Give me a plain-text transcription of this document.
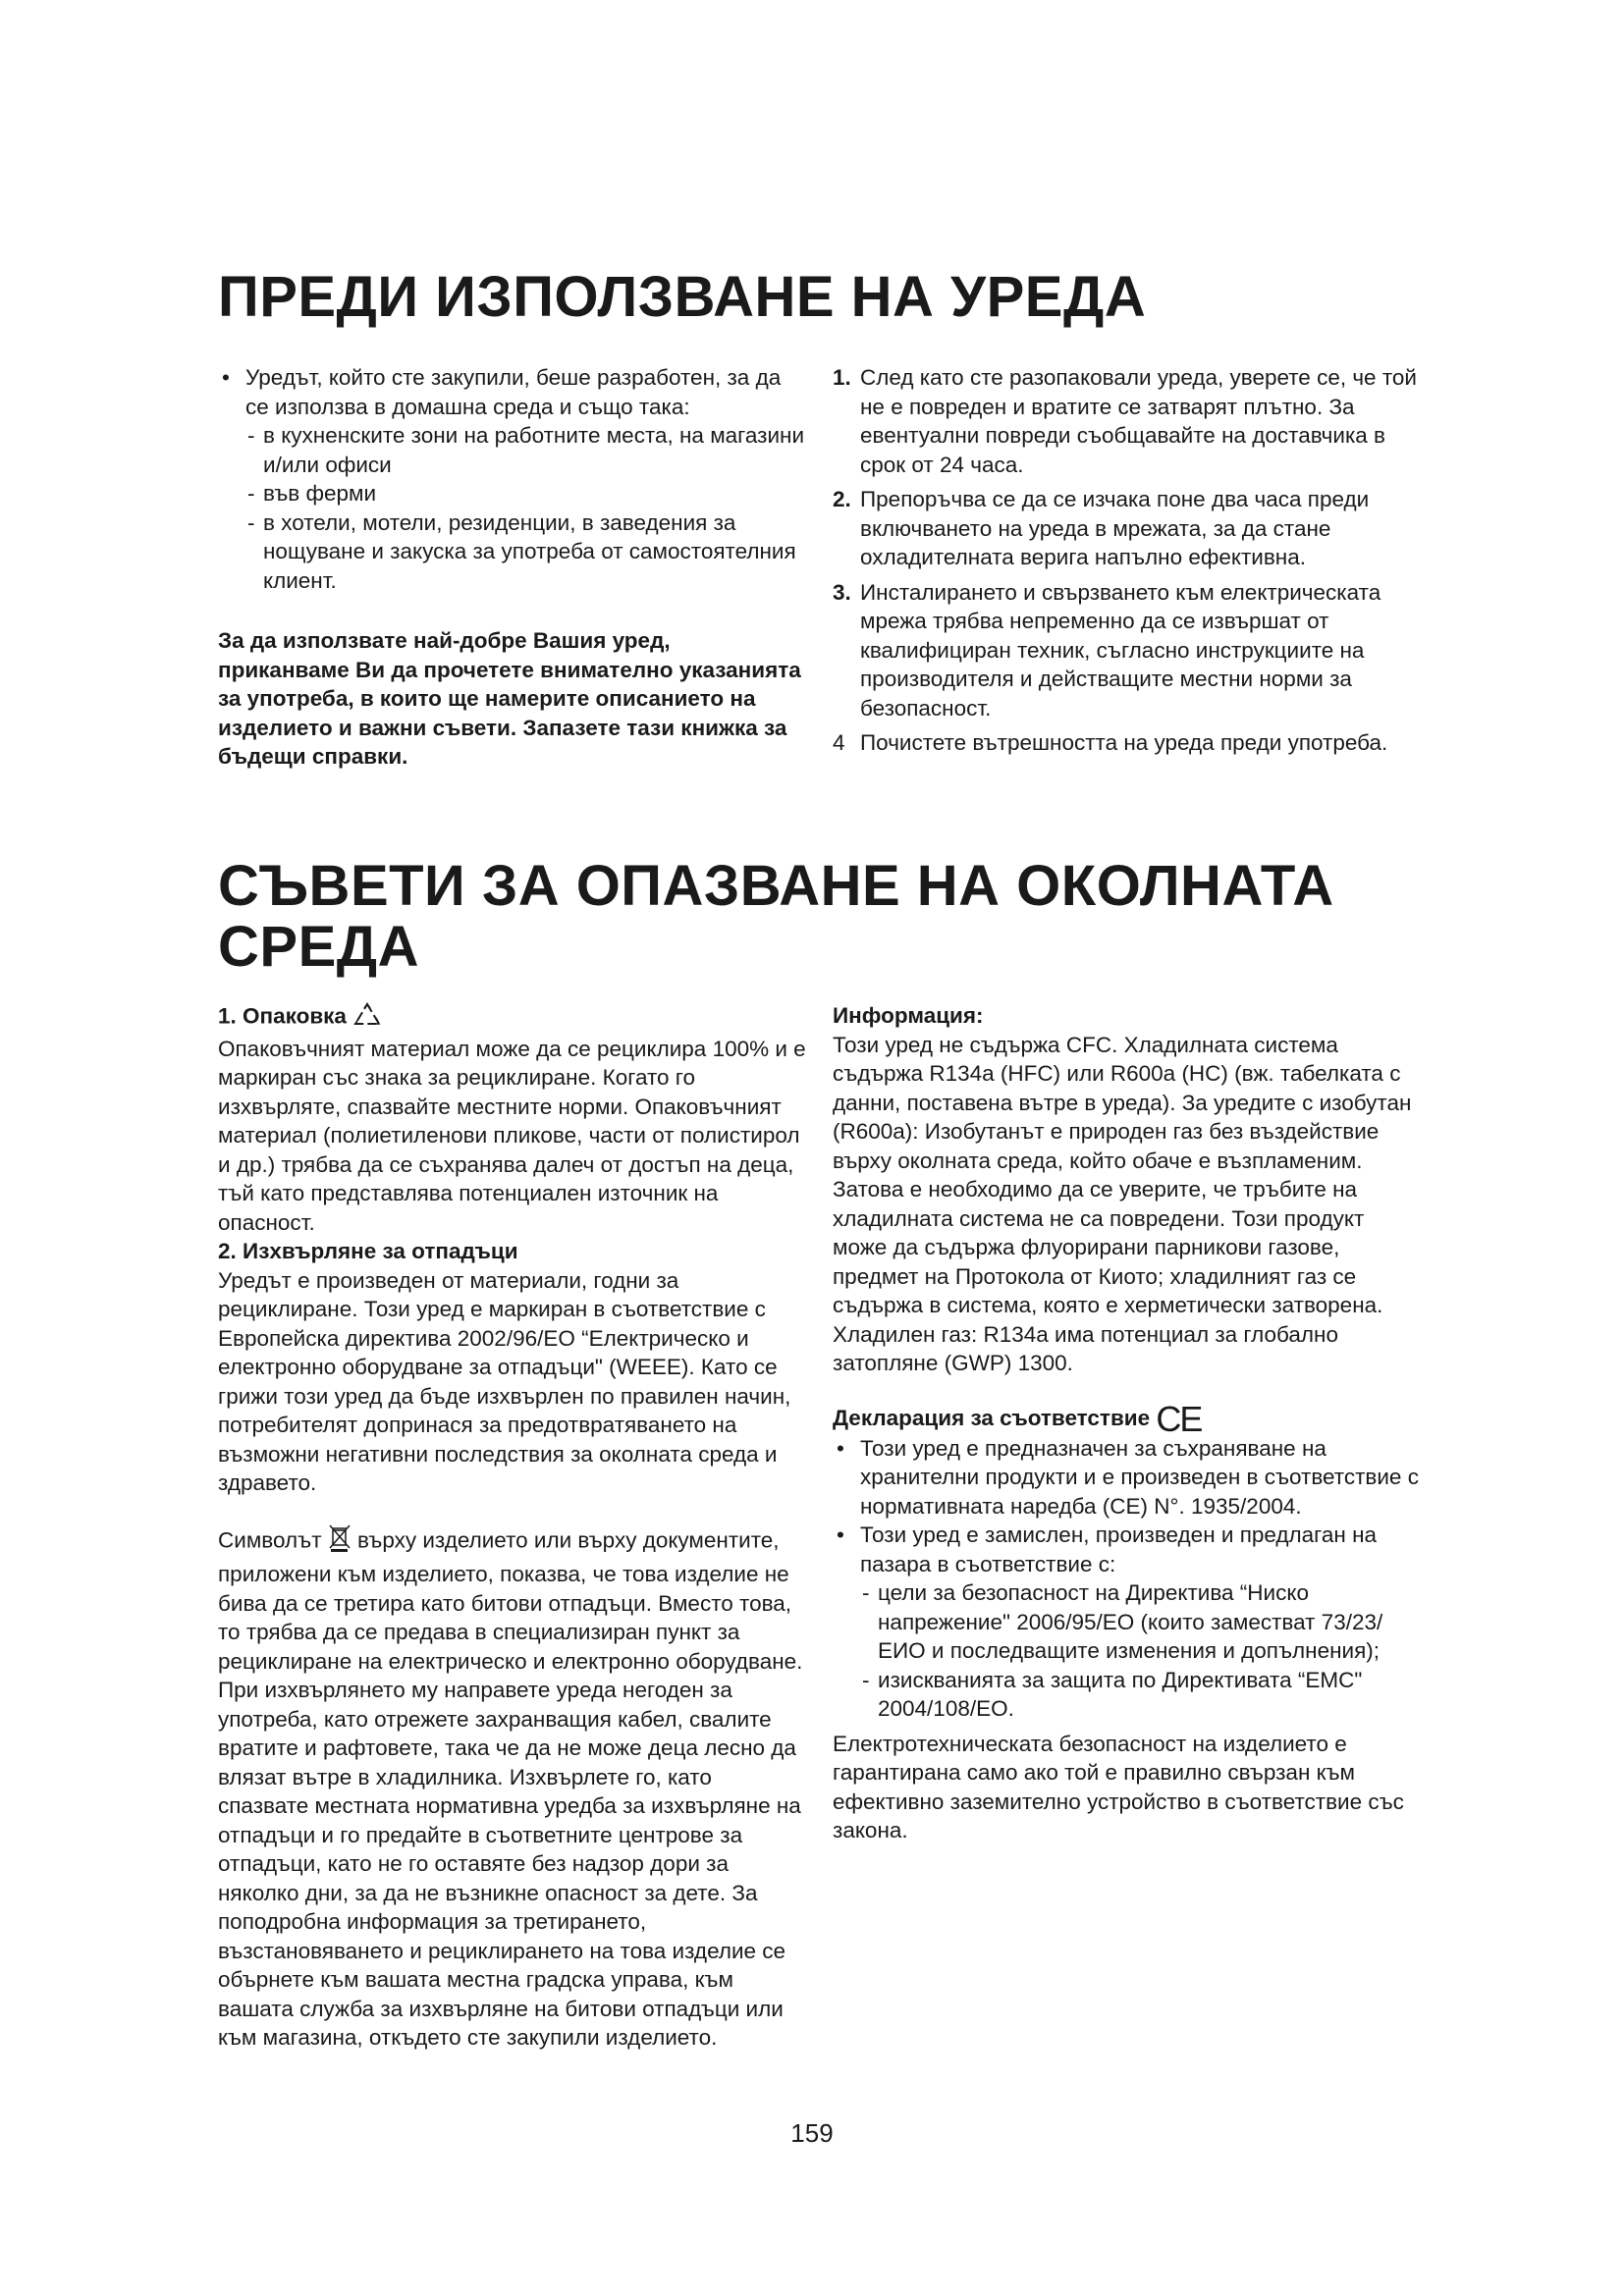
ПРЕДИ ИЗПОЛЗВАНЕ НА УРЕДА
• Уредът, който сте закупили, беше разработен, за да се използва в домашна среда и също така:
- в кухненските зони на работните места, на магазини и/или офиси
- във ферми
- в хотели, мотели, резиденции, в заведения за нощуване и закуска за употреба от самостоятелния клиент.

За да използвате най-добре Вашия уред, приканваме Ви да прочетете внимателно указанията за употреба, в които ще намерите описанието на изделието и важни съвети. Запазете тази книжка за бъдещи справки.

1. След като сте разопаковали уреда, уверете се, че той не е повреден и вратите се затварят плътно. За евентуални повреди съобщавайте на доставчика в срок от 24 часа.
2. Препоръчва се да се изчака поне два часа преди включването на уреда в мрежата, за да стане охладителната верига напълно ефективна.
3. Инсталирането и свързването към електрическата мрежа трябва непременно да се извършат от квалифициран техник, съгласно инструкциите на производителя и действащите местни норми за безопасност.
4 Почистете вътрешността на уреда преди употреба.
СЪВЕТИ ЗА ОПАЗВАНЕ НА ОКОЛНАТА СРЕДА
1. Опаковка

Опаковъчният материал може да се рециклира 100% и е маркиран със знака за рециклиране. Когато го изхвърляте, спазвайте местните норми. Опаковъчният материал (полиетиленови пликове, части от полистирол и др.) трябва да се съхранява далеч от достъп на деца, тъй като представлява потенциален източник на опасност.

2. Изхвърляне за отпадъци

Уредът е произведен от материали, годни за рециклиране. Този уред е маркиран в съответствие с Европейска директива 2002/96/ЕО “Електрическо и електронно оборудване за отпадъци" (WEEE). Като се грижи този уред да бъде изхвърлен по правилен начин, потребителят допринася за предотвратяването на възможни негативни последствия за околната среда и здравето.

Символът върху изделието или върху документите, приложени към изделието, показва, че това изделие не бива да се третира като битови отпадъци. Вместо това, то трябва да се предава в специализиран пункт за рециклиране на електрическо и електронно оборудване. При изхвърлянето му направете уреда негоден за употреба, като отрежете захранващия кабел, свалите вратите и рафтовете, така че да не може деца лесно да влязат вътре в хладилника. Изхвърлете го, като спазвате местната нормативна уредба за изхвърляне на отпадъци и го предайте в съответните центрове за отпадъци, като не го оставяте без надзор дори за няколко дни, за да не възникне опасност за дете. За поподробна информация за третирането, възстановяването и рециклирането на това изделие се обърнете към вашата местна градска управа, към вашата служба за изхвърляне на битови отпадъци или към магазина, откъдето сте закупили изделието.

Информация:

Този уред не съдържа CFC. Хладилната система съдържа R134a (HFC) или R600a (HC) (вж. табелката с данни, поставена вътре в уреда). За уредите с изобутан (R600a): Изобутанът е природен газ без въздействие върху околната среда, който обаче е възпламеним. Затова е необходимо да се уверите, че тръбите на хладилната система не са повредени. Този продукт може да съдържа флуорирани парникови газове, предмет на Протокола от Киото; хладилният газ се съдържа в система, която е херметически затворена. Хладилен газ: R134a има потенциал за глобално затопляне (GWP) 1300.

Декларация за съответствие CE
• Този уред е предназначен за съхраняване на хранителни продукти и е произведен в съответствие с нормативната наредба (CE) N°. 1935/2004.
• Този уред е замислен, произведен и предлаган на пазара в съответствие с:
- цели за безопасност на Директива “Ниско напрежение" 2006/95/EO (които заместват 73/23/ЕИО и последващите изменения и допълнения);
- изискванията за защита по Директивата “EMC" 2004/108/EO.

Електротехническата безопасност на изделието е гарантирана само ако той е правилно свързан към ефективно заземително устройство в съответствие със закона.

159
